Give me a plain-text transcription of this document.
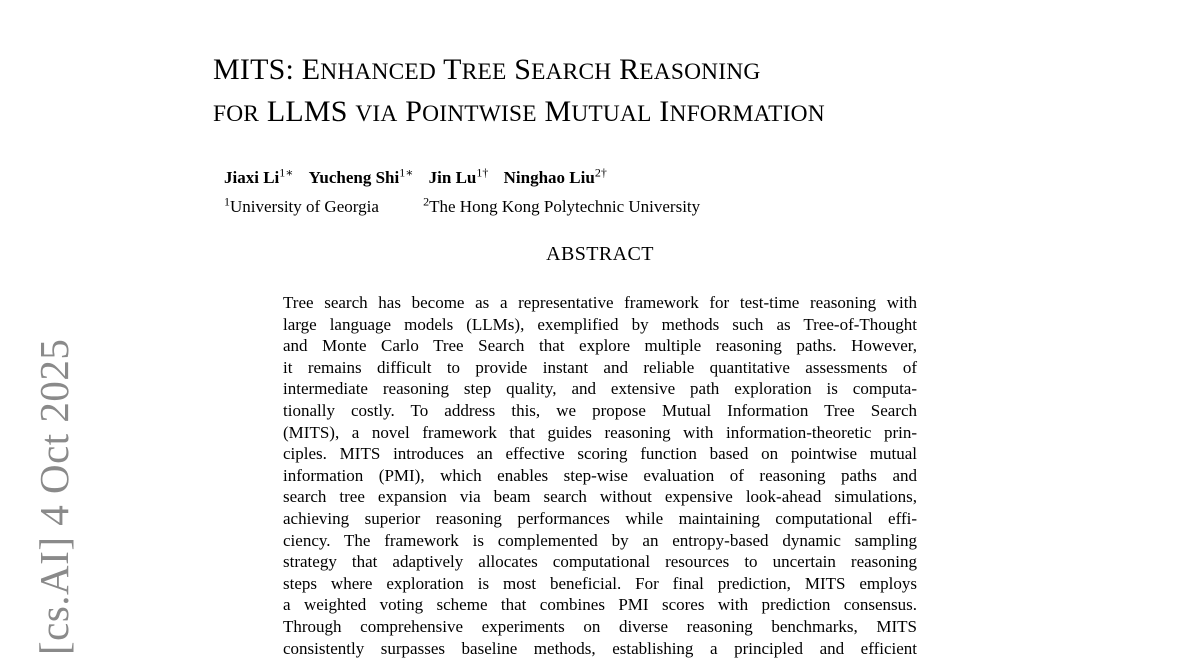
MITS: ENHANCED TREE SEARCH REASONING
FOR LLMS VIA POINTWISE MUTUAL INFORMATION
Jiaxi $Li^{1∗}$ Yucheng Shi$^{1∗}$ Jin $Lu^{1\dagger}$ Ninghao Liu$^{2\dagger}$
$^1$University of Georgia	$^2$The Hong Kong Polytechnic University
ABSTRACT
Tree search has become as a representative framework for test-time reasoning with
large language models (LLMs), exemplified by methods such as Tree-of-Thought
and Monte Carlo Tree Search that explore multiple reasoning paths. However,
it remains difficult to provide instant and reliable quantitative assessments of
intermediate reasoning step quality, and extensive path exploration is computa-
tionally costly. To address this, we propose Mutual Information Tree Search
(MITS), a novel framework that guides reasoning with information-theoretic prin-
ciples. MITS introduces an effective scoring function based on pointwise mutual
information (PMI), which enables step-wise evaluation of reasoning paths and
search tree expansion via beam search without expensive look-ahead simulations,
achieving superior reasoning performances while maintaining computational effi-
ciency. The framework is complemented by an entropy-based dynamic sampling
strategy that adaptively allocates computational resources to uncertain reasoning
steps where exploration is most beneficial. For final prediction, MITS employs
a weighted voting scheme that combines PMI scores with prediction consensus.
Through comprehensive experiments on diverse reasoning benchmarks, MITS
consistently surpasses baseline methods, establishing a principled and efficient
[cs.AI] 4 Oct 2025
